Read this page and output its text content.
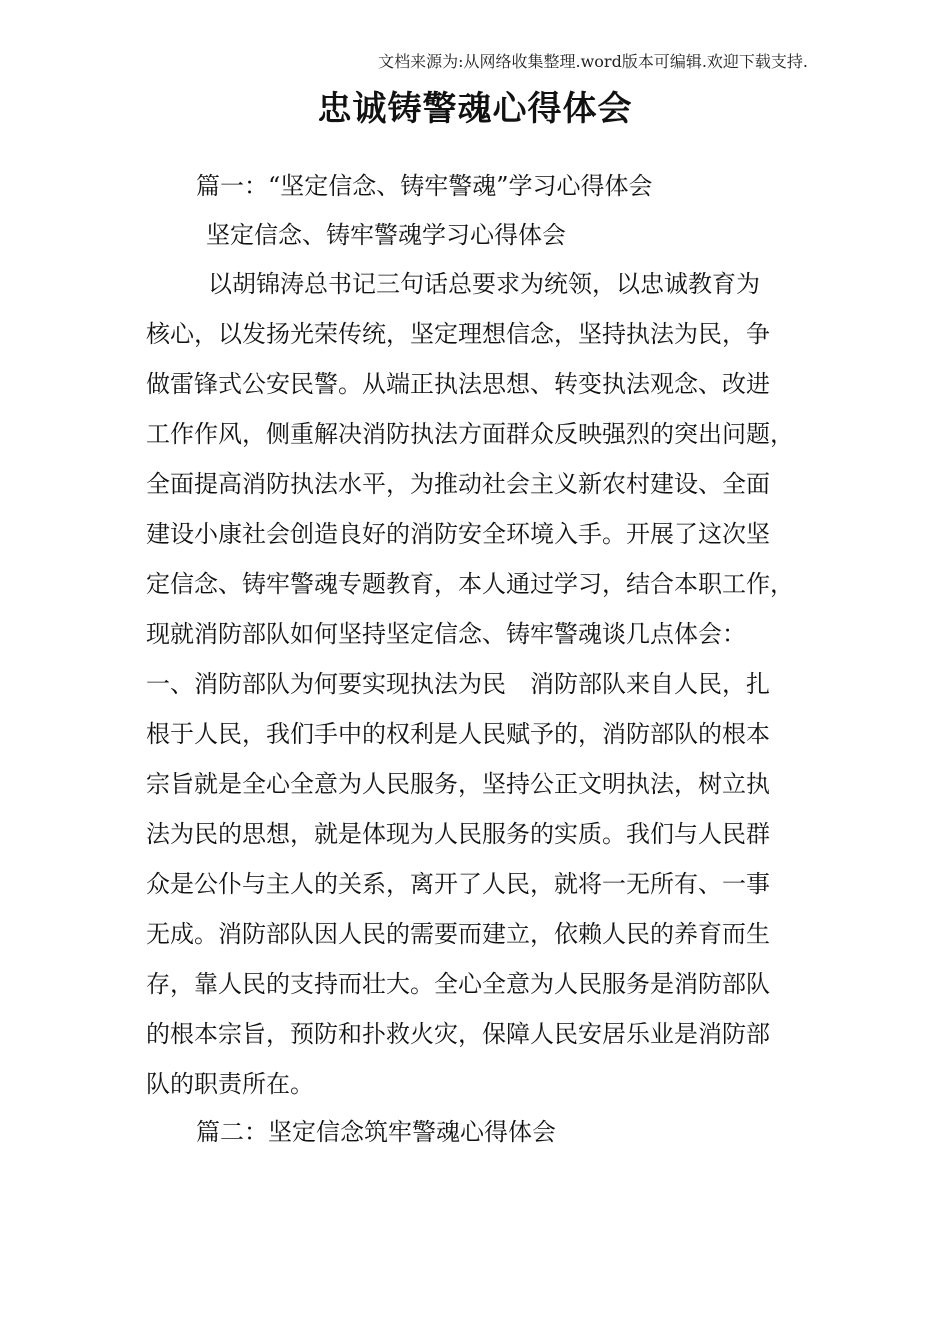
文档来源为:从网络收集整理.word版本可编辑.欢迎下载支持.
忠诚铸警魂心得体会

篇一：“坚定信念、铸牢警魂”学习心得体会

坚定信念、铸牢警魂学习心得体会

以胡锦涛总书记三句话总要求为统领，以忠诚教育为
核心，以发扬光荣传统，坚定理想信念，坚持执法为民，争
做雷锋式公安民警。从端正执法思想、转变执法观念、改进
工作作风，侧重解决消防执法方面群众反映强烈的突出问题，
全面提高消防执法水平，为推动社会主义新农村建设、全面
建设小康社会创造良好的消防安全环境入手。开展了这次坚
定信念、铸牢警魂专题教育，本人通过学习，结合本职工作，
现就消防部队如何坚持坚定信念、铸牢警魂谈几点体会：
一、消防部队为何要实现执法为民　消防部队来自人民，扎
根于人民，我们手中的权利是人民赋予的，消防部队的根本
宗旨就是全心全意为人民服务，坚持公正文明执法，树立执
法为民的思想，就是体现为人民服务的实质。我们与人民群
众是公仆与主人的关系，离开了人民，就将一无所有、一事
无成。消防部队因人民的需要而建立，依赖人民的养育而生
存，靠人民的支持而壮大。全心全意为人民服务是消防部队
的根本宗旨，预防和扑救火灾，保障人民安居乐业是消防部
队的职责所在。

篇二：坚定信念筑牢警魂心得体会
